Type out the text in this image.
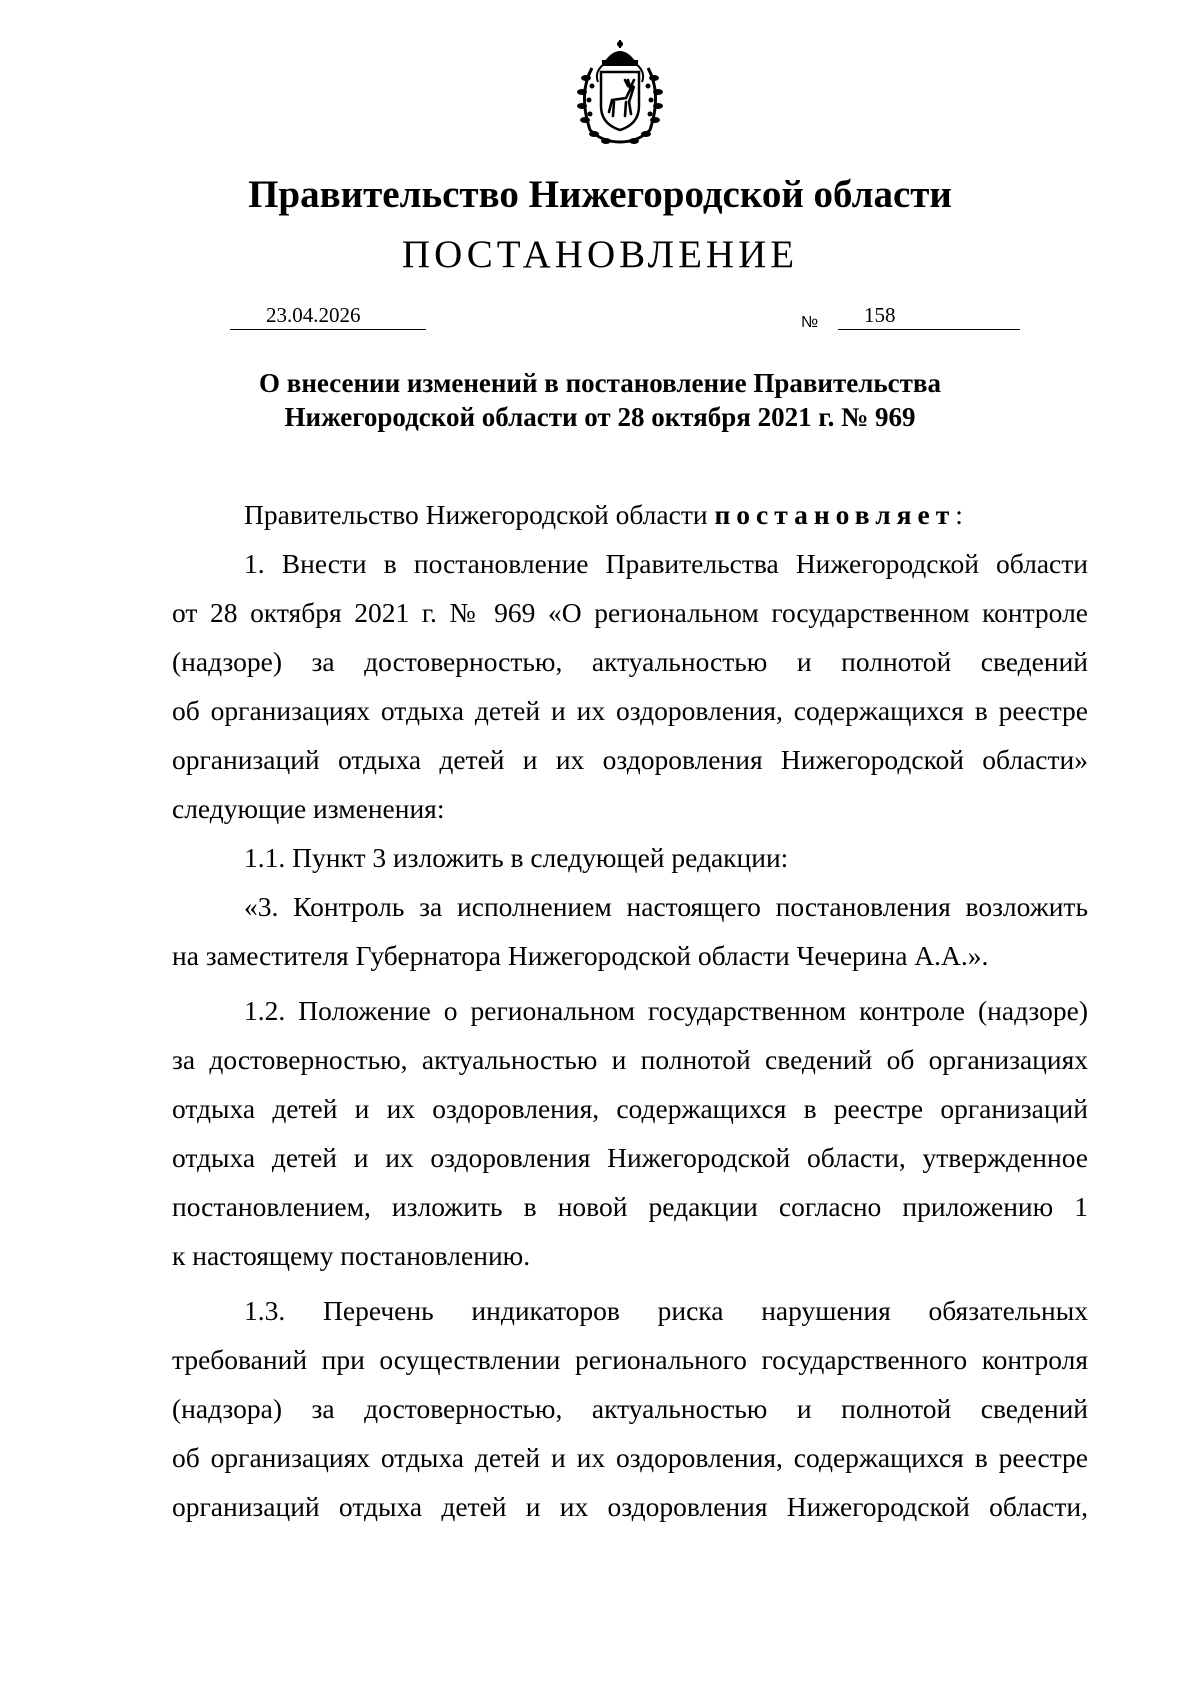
Правительство Нижегородской области
ПОСТАНОВЛЕНИЕ
23.04.2026	№ 158
О внесении изменений в постановление Правительства
Нижегородской области от 28 октября 2021 г. № 969
Правительство Нижегородской области постановляет:
1. Внести в постановление Правительства Нижегородской области
от 28 октября 2021 г. № 969 «О региональном государственном контроле
(надзоре) за достоверностью, актуальностью и полнотой сведений
об организациях отдыха детей и их оздоровления, содержащихся в реестре
организаций отдыха детей и их оздоровления Нижегородской области»
следующие изменения:
1.1. Пункт 3 изложить в следующей редакции:
«3. Контроль за исполнением настоящего постановления возложить
на заместителя Губернатора Нижегородской области Чечерина А.А.».
1.2. Положение о региональном государственном контроле (надзоре)
за достоверностью, актуальностью и полнотой сведений об организациях
отдыха детей и их оздоровления, содержащихся в реестре организаций
отдыха детей и их оздоровления Нижегородской области, утвержденное
постановлением, изложить в новой редакции согласно приложению 1
к настоящему постановлению.
1.3. Перечень индикаторов риска нарушения обязательных
требований при осуществлении регионального государственного контроля
(надзора) за достоверностью, актуальностью и полнотой сведений
об организациях отдыха детей и их оздоровления, содержащихся в реестре
организаций отдыха детей и их оздоровления Нижегородской области,
